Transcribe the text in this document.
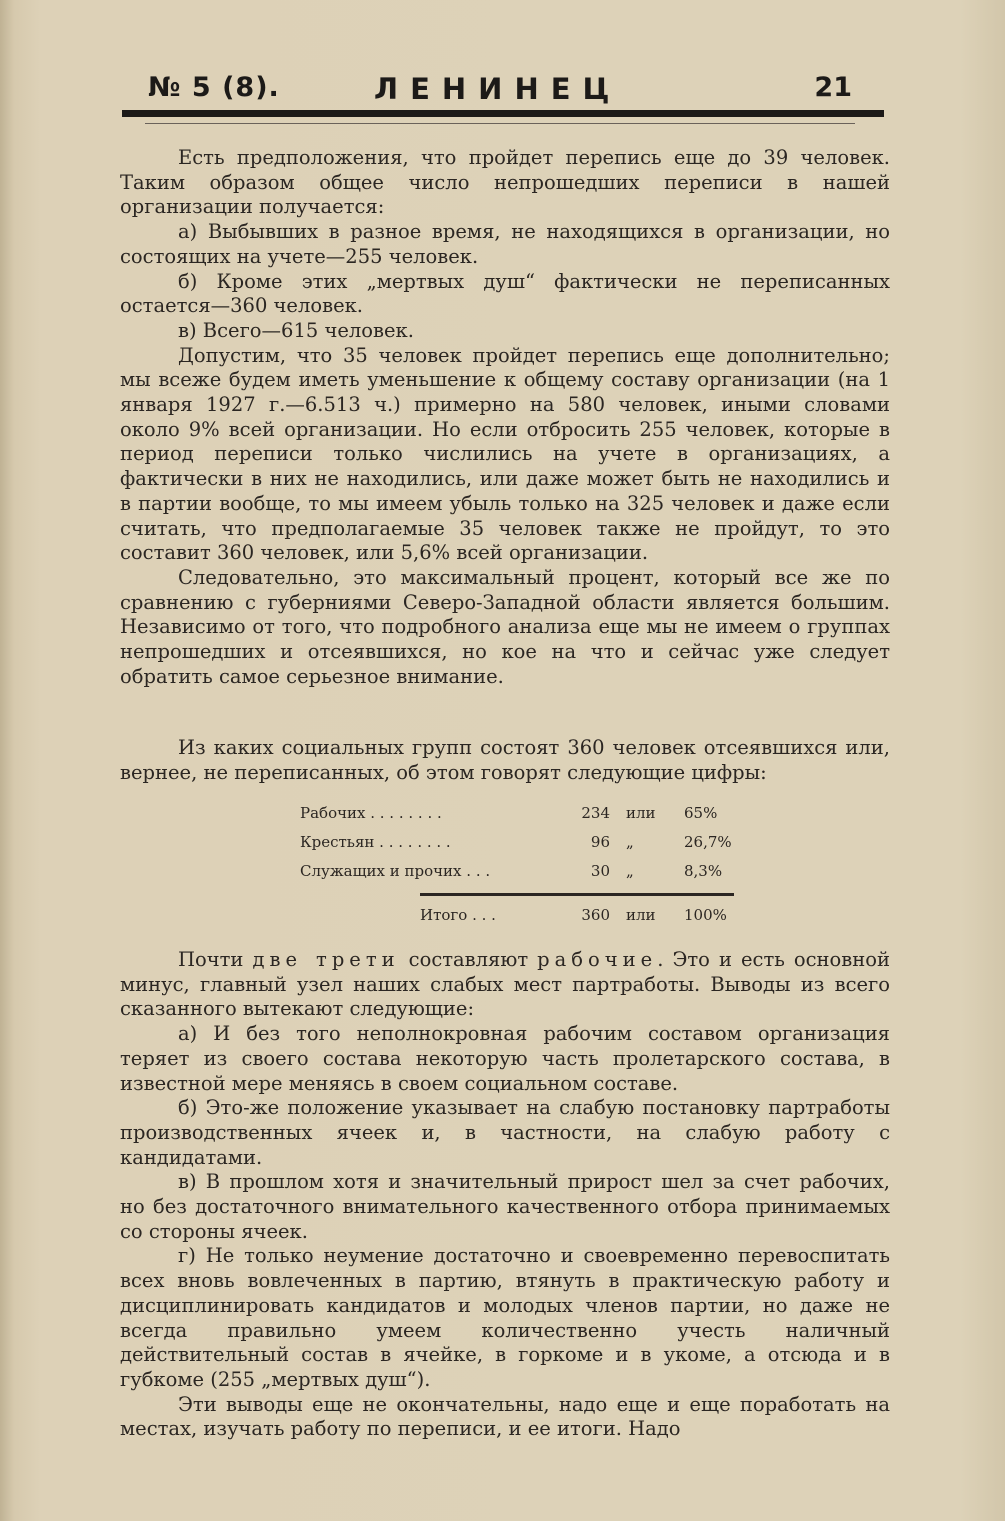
№ 5 (8).	ЛЕНИНЕЦ	21

Есть предположения, что пройдет перепись еще до 39 человек. Таким образом общее число непрошедших переписи в нашей организации получается:

а) Выбывших в разное время, не находящихся в организации, но состоящих на учете—255 человек.

б) Кроме этих „мертвых душ“ фактически не переписанных остается—360 человек.

в) Всего—615 человек.

Допустим, что 35 человек пройдет перепись еще дополнительно; мы всеже будем иметь уменьшение к общему составу организации (на 1 января 1927 г.—6.513 ч.) примерно на 580 человек, иными словами около 9% всей организации. Но если отбросить 255 человек, которые в период переписи только числились на учете в организациях, а фактически в них не находились, или даже может быть не находились и в партии вообще, то мы имеем убыль только на 325 человек и даже если считать, что предполагаемые 35 человек также не пройдут, то это составит 360 человек, или 5,6% всей организации.

Следовательно, это максимальный процент, который все же по сравнению с губерниями Северо-Западной области является большим. Независимо от того, что подробного анализа еще мы не имеем о группах непрошедших и отсеявшихся, но кое на что и сейчас уже следует обратить самое серьезное внимание.

Из каких социальных групп состоят 360 человек отсеявшихся или, вернее, не переписанных, об этом говорят следующие цифры:

Рабочих . . . . . . . .	234 или 65%
Крестьян . . . . . . . .	96 „	26,7%
Служащих и прочих . . .	30 „	8,3%
Итого . . .	360 или 100%

Почти две трети составляют рабочие. Это и есть основной минус, главный узел наших слабых мест партработы. Выводы из всего сказанного вытекают следующие:

а) И без того неполнокровная рабочим составом организация теряет из своего состава некоторую часть пролетарского состава, в известной мере меняясь в своем социальном составе.

б) Это-же положение указывает на слабую постановку партработы производственных ячеек и, в частности, на слабую работу с кандидатами.

в) В прошлом хотя и значительный прирост шел за счет рабочих, но без достаточного внимательного качественного отбора принимаемых со стороны ячеек.

г) Не только неумение достаточно и своевременно перевоспитать всех вновь вовлеченных в партию, втянуть в практическую работу и дисциплинировать кандидатов и молодых членов партии, но даже не всегда правильно умеем количественно учесть наличный действительный состав в ячейке, в горкоме и в укоме, а отсюда и в губкоме (255 „мертвых душ“).

Эти выводы еще не окончательны, надо еще и еще поработать на местах, изучать работу по переписи, и ее итоги. Надо
